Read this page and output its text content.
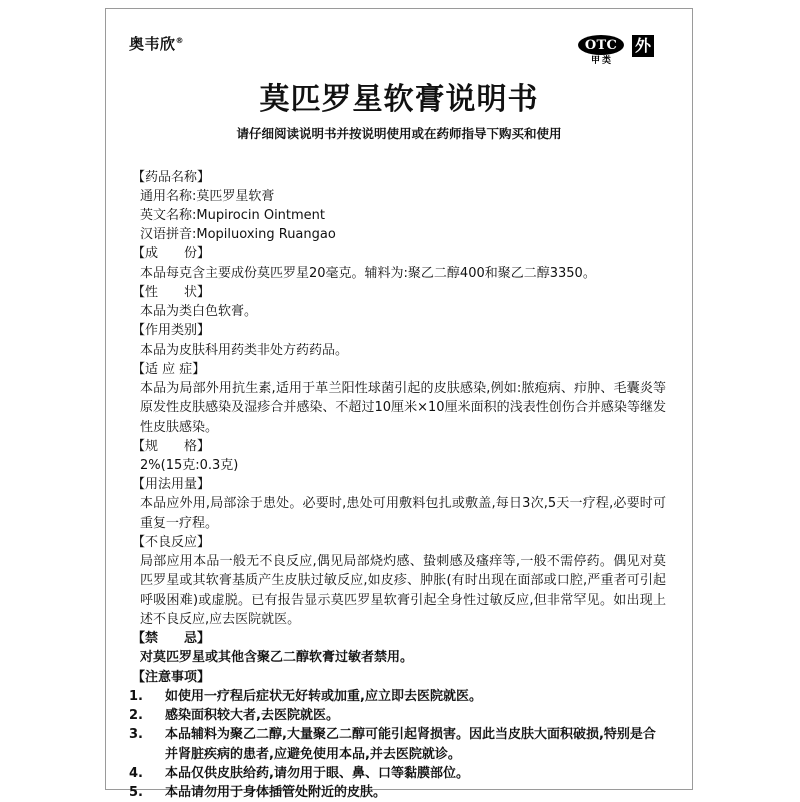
奥韦欣®	OTC
甲类
外
莫匹罗星软膏说明书
请仔细阅读说明书并按说明使用或在药师指导下购买和使用
【药品名称】
通用名称:莫匹罗星软膏
英文名称:Mupirocin Ointment
汉语拼音:Mopiluoxing Ruangao
【成　　份】
本品每克含主要成份莫匹罗星20毫克。辅料为:聚乙二醇400和聚乙二醇3350。
【性　　状】
本品为类白色软膏。
【作用类别】
本品为皮肤科用药类非处方药药品。
【适 应 症】
本品为局部外用抗生素,适用于革兰阳性球菌引起的皮肤感染,例如:脓疱病、疖肿、毛囊炎等原发性皮肤感染及湿疹合并感染、不超过10厘米×10厘米面积的浅表性创伤合并感染等继发性皮肤感染。
【规　　格】
2%(15克:0.3克)
【用法用量】
本品应外用,局部涂于患处。必要时,患处可用敷料包扎或敷盖,每日3次,5天一疗程,必要时可重复一疗程。
【不良反应】
局部应用本品一般无不良反应,偶见局部烧灼感、蛰刺感及瘙痒等,一般不需停药。偶见对莫匹罗星或其软膏基质产生皮肤过敏反应,如皮疹、肿胀(有时出现在面部或口腔,严重者可引起呼吸困难)或虚脱。已有报告显示莫匹罗星软膏引起全身性过敏反应,但非常罕见。如出现上述不良反应,应去医院就医。
【禁　　忌】
对莫匹罗星或其他含聚乙二醇软膏过敏者禁用。
【注意事项】
1. 如使用一疗程后症状无好转或加重,应立即去医院就医。
2. 感染面积较大者,去医院就医。
3. 本品辅料为聚乙二醇,大量聚乙二醇可能引起肾损害。因此当皮肤大面积破损,特别是合并肾脏疾病的患者,应避免使用本品,并去医院就诊。
4. 本品仅供皮肤给药,请勿用于眼、鼻、口等黏膜部位。
5. 本品请勿用于身体插管处附近的皮肤。
